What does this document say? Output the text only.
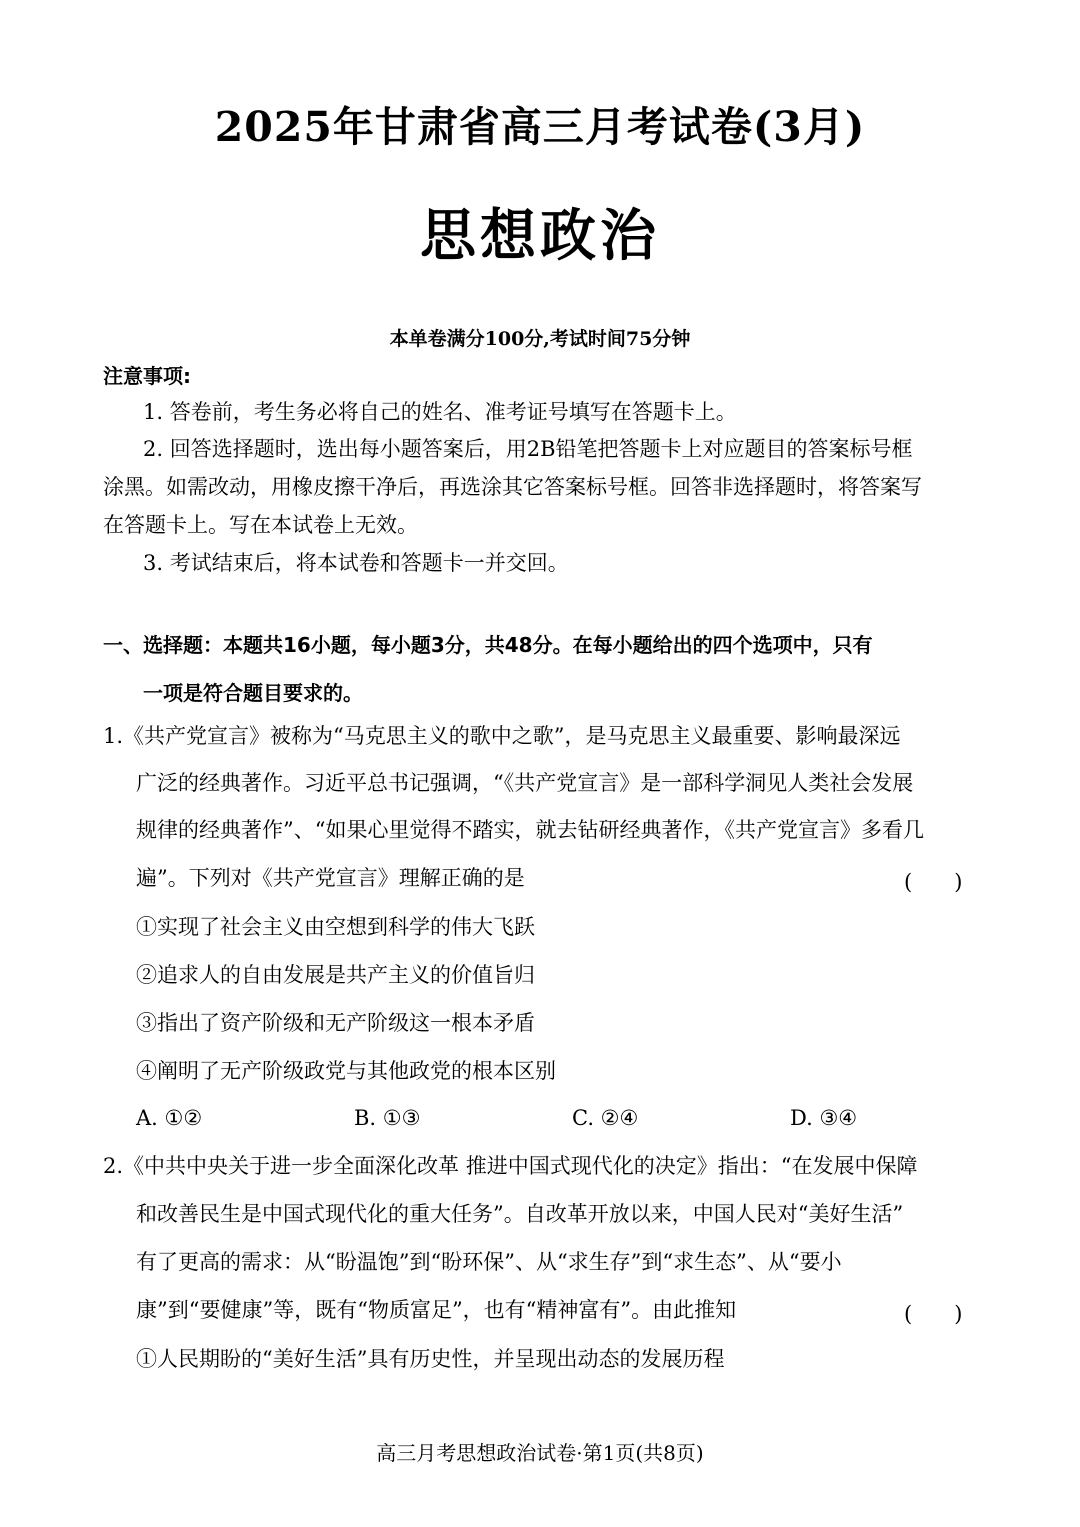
2025年甘肃省高三月考试卷(3月)
思想政治
本单卷满分100分,考试时间75分钟
注意事项:
1. 答卷前，考生务必将自己的姓名、准考证号填写在答题卡上。
2. 回答选择题时，选出每小题答案后，用2B铅笔把答题卡上对应题目的答案标号框
涂黑。如需改动，用橡皮擦干净后，再选涂其它答案标号框。回答非选择题时，将答案写
在答题卡上。写在本试卷上无效。
3. 考试结束后，将本试卷和答题卡一并交回。
一、选择题：本题共16小题，每小题3分，共48分。在每小题给出的四个选项中，只有
一项是符合题目要求的。
1.《共产党宣言》被称为“马克思主义的歌中之歌”，是马克思主义最重要、影响最深远
广泛的经典著作。习近平总书记强调，“《共产党宣言》是一部科学洞见人类社会发展
规律的经典著作”、“如果心里觉得不踏实，就去钻研经典著作，《共产党宣言》多看几
遍”。下列对《共产党宣言》理解正确的是	(　　)
①实现了社会主义由空想到科学的伟大飞跃
②追求人的自由发展是共产主义的价值旨归
③指出了资产阶级和无产阶级这一根本矛盾
④阐明了无产阶级政党与其他政党的根本区别
A. ①②	B. ①③	C. ②④	D. ③④
2.《中共中央关于进一步全面深化改革 推进中国式现代化的决定》指出：“在发展中保障
和改善民生是中国式现代化的重大任务”。自改革开放以来，中国人民对“美好生活”
有了更高的需求：从“盼温饱”到“盼环保”、从“求生存”到“求生态”、从“要小
康”到“要健康”等，既有“物质富足”，也有“精神富有”。由此推知	(　　)
①人民期盼的“美好生活”具有历史性，并呈现出动态的发展历程
高三月考思想政治试卷·第1页(共8页)
